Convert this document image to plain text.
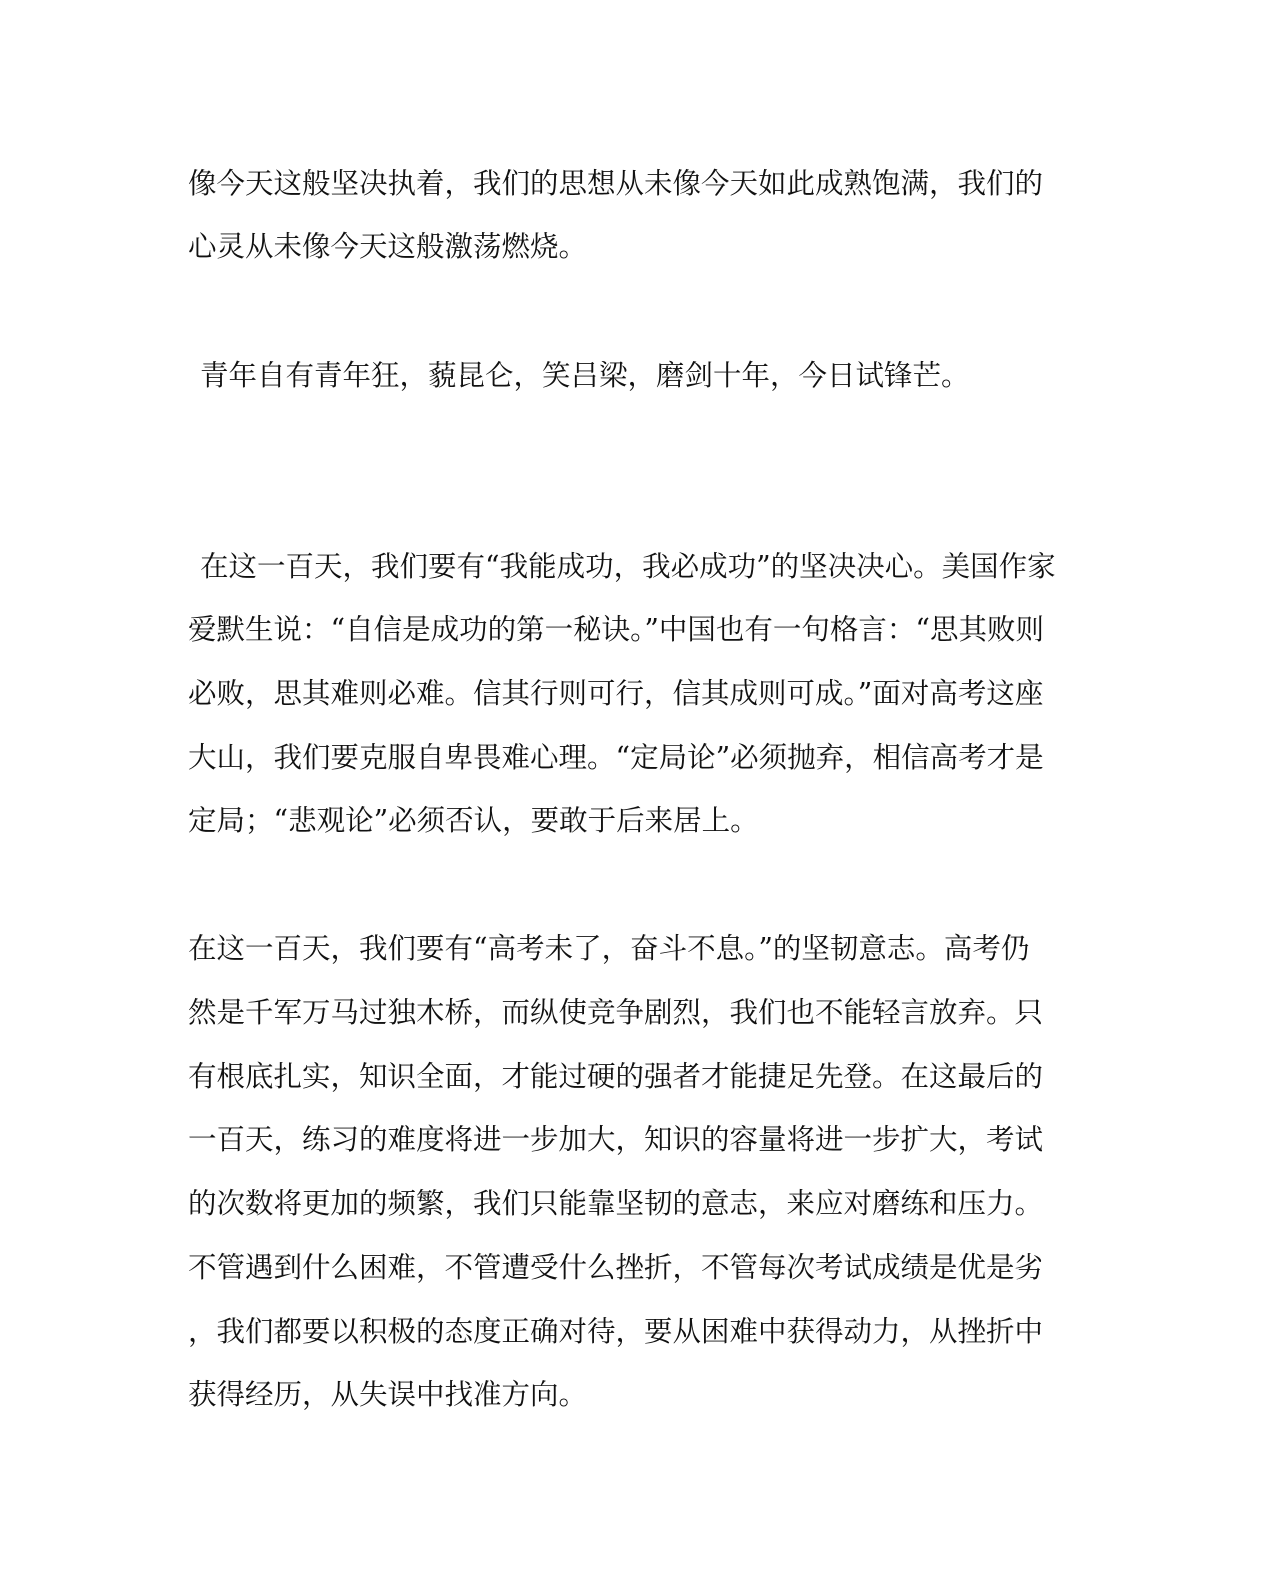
像今天这般坚决执着，我们的思想从未像今天如此成熟饱满，我们的

心灵从未像今天这般激荡燃烧。

青年自有青年狂，藐昆仑，笑吕梁，磨剑十年，今日试锋芒。

在这一百天，我们要有“我能成功，我必成功”的坚决决心。美国作家

爱默生说：“自信是成功的第一秘诀。”中国也有一句格言：“思其败则

必败，思其难则必难。信其行则可行，信其成则可成。”面对高考这座

大山，我们要克服自卑畏难心理。“定局论”必须抛弃，相信高考才是

定局；“悲观论”必须否认，要敢于后来居上。

在这一百天，我们要有“高考未了，奋斗不息。”的坚韧意志。高考仍

然是千军万马过独木桥，而纵使竞争剧烈，我们也不能轻言放弃。只

有根底扎实，知识全面，才能过硬的强者才能捷足先登。在这最后的

一百天，练习的难度将进一步加大，知识的容量将进一步扩大，考试

的次数将更加的频繁，我们只能靠坚韧的意志，来应对磨练和压力。

不管遇到什么困难，不管遭受什么挫折，不管每次考试成绩是优是劣

，我们都要以积极的态度正确对待，要从困难中获得动力，从挫折中

获得经历，从失误中找准方向。
